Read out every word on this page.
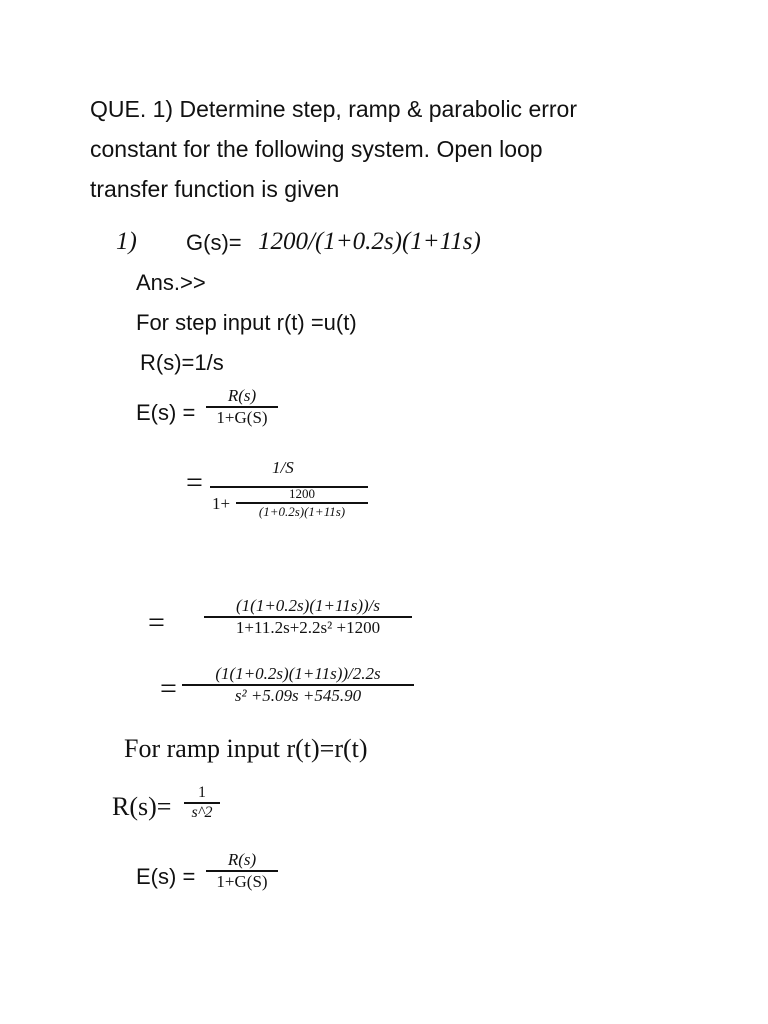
QUE. 1) Determine step, ramp & parabolic error
constant for the following system. Open loop
transfer function is given
1) G(s)= 1200/(1+0.2s)(1+11s)
Ans.>>
For step input r(t) =u(t)
R(s)=1/s
E(s) =
R(s)
1+G(S)
=	1/S
1+
1200
(1+0.2s)(1+11s)
=
(1(1+0.2s)(1+11s))/s
1+11.2s+2.2s² +1200
= (1(1+0.2s)(1+11s))/2.2s
s² +5.09s +545.90
For ramp input r(t)=r(t)
R(s)= 1
s^2
E(s) =
R(s)
1+G(S)
